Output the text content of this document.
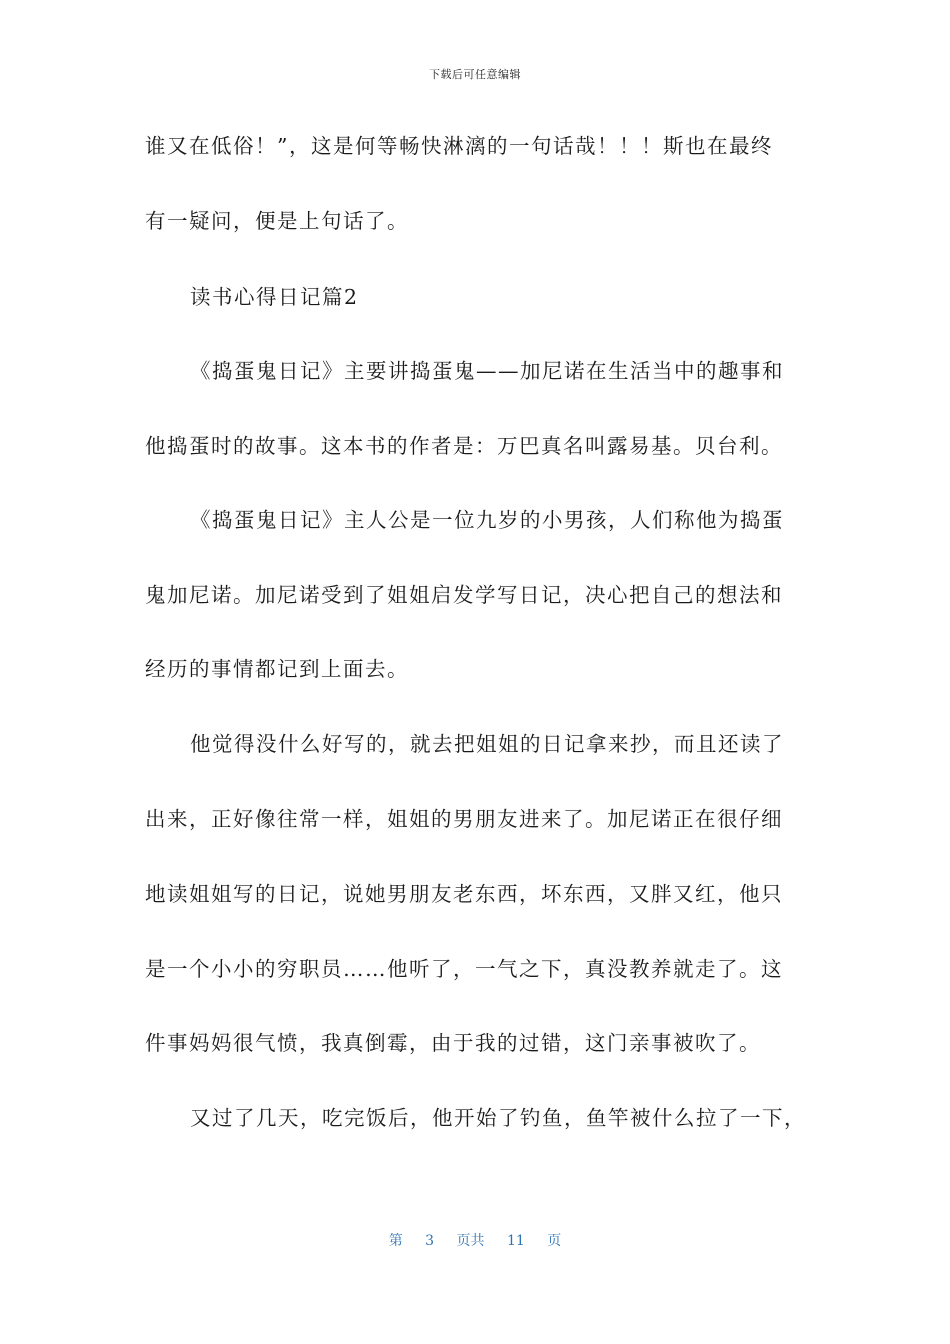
下载后可任意编辑
谁又在低俗！”，这是何等畅快淋漓的一句话哉！！！斯也在最终
有一疑问，便是上句话了。
读书心得日记篇2
《捣蛋鬼日记》主要讲捣蛋鬼——加尼诺在生活当中的趣事和
他捣蛋时的故事。这本书的作者是：万巴真名叫露易基。贝台利。
《捣蛋鬼日记》主人公是一位九岁的小男孩，人们称他为捣蛋
鬼加尼诺。加尼诺受到了姐姐启发学写日记，决心把自己的想法和
经历的事情都记到上面去。
他觉得没什么好写的，就去把姐姐的日记拿来抄，而且还读了
出来，正好像往常一样，姐姐的男朋友进来了。加尼诺正在很仔细
地读姐姐写的日记，说她男朋友老东西，坏东西，又胖又红，他只
是一个小小的穷职员……他听了，一气之下，真没教养就走了。这
件事妈妈很气愤，我真倒霉，由于我的过错，这门亲事被吹了。
又过了几天，吃完饭后，他开始了钓鱼，鱼竿被什么拉了一下，
第 3 页共 11 页
